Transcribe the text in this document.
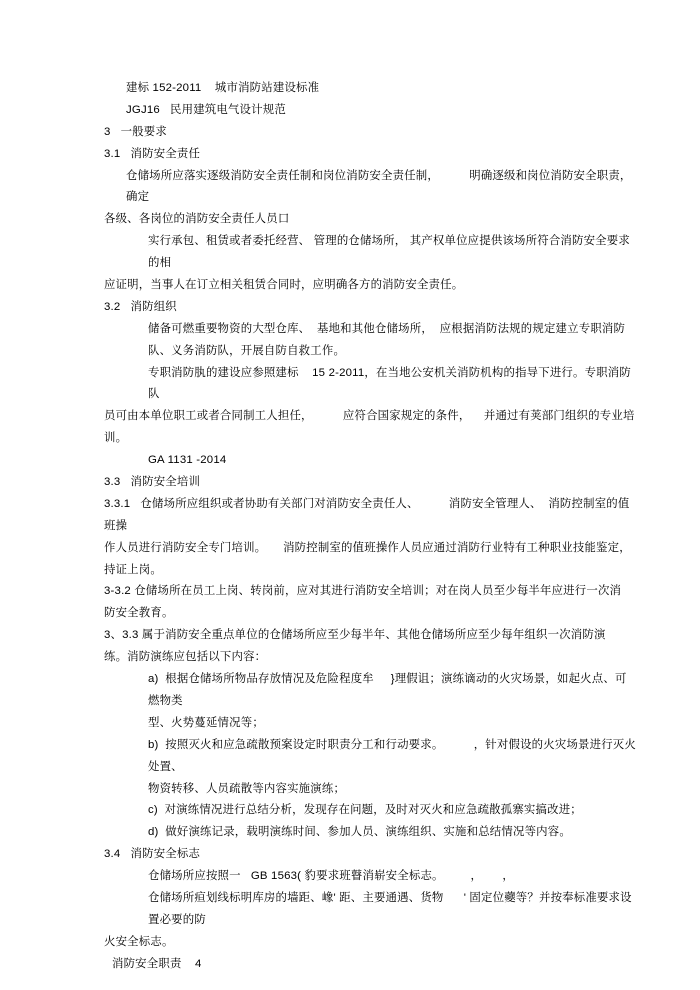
建标 152-2011    城市消防站建设标准
JGJ16   民用建筑电气设计规范
3   一般要求
3.1   消防安全责任
仓储场所应落实逐级消防安全责任制和岗位消防安全责任制，         明确逐级和岗位消防安全职责，确定
各级、各岗位的消防安全责任人员口
实行承包、租赁或者委托经营、 管理的仓储场所， 其产权单位应提供该场所符合消防安全要求的相
应证明，当事人在订立相关租赁合同时，应明确各方的消防安全责任。
3.2   消防组织
储备可燃重要物资的大型仓库、  基地和其他仓储场所，  应根据消防法规的规定建立专职消防队、义务消防队，开展自防自救工作。
专职消防肒的建设应参照建标    15 2-2011，在当地公安机关消防机构的指导下进行。专职消防队
员可由本单位职工或者合同制工人担任，         应符合国家规定的条件，    并通过有荚部门组织的专业培训。
GA 1131 -2014
3.3   消防安全培训
3.3.1   仓储场所应组织或者协助有关部门对消防安全责任人、         消防安全管理人、  消防控制室的值班操
作人员进行消防安全专门培训。     消防控制室的值班操作人员应通过消防行业特有工种职业技能鉴定，
持证上岗。
3-3.2 仓储场所在员工上岗、转岗前，应对其进行消防安全培训；对在岗人员至少每半年应进行一次消
防安全教育。
3、3.3 属于消防安全重点单位的仓储场所应至少每半年、其他仓储场所应至少每年组织一次消防演
练。消防演练应包括以下内容：
a)  根据仓储场所物品存放情况及危险程度牟     }理假诅；演练谪动的火灾场景，如起火点、可燃物类
型、火势蔓延情况等；
b)  按照灭火和应急疏散预案设定时职责分工和行动要求。         ，针对假设的火灾场景进行灭火处置、
物资转移、人员疏散等内容实施演练；
c)  对演练情况进行总结分析，发现存在问题，及时对灭火和应急疏散孤寨实搞改进；
d)  做好演练记录，载明演练时间、参加人员、演练组织、实施和总结情况等内容。
3.4   消防安全标志
仓储场所应按照一   GB 1563( 豹要求班瞽消崭安全标志。        ，      ，
仓储场所疸划线标明库房的墙距、嶑' 距、主要通遇、货物      ' 固定位蘷等？并按奉标准要求设置必要的防
火安全标志。
消防安全职责    4
